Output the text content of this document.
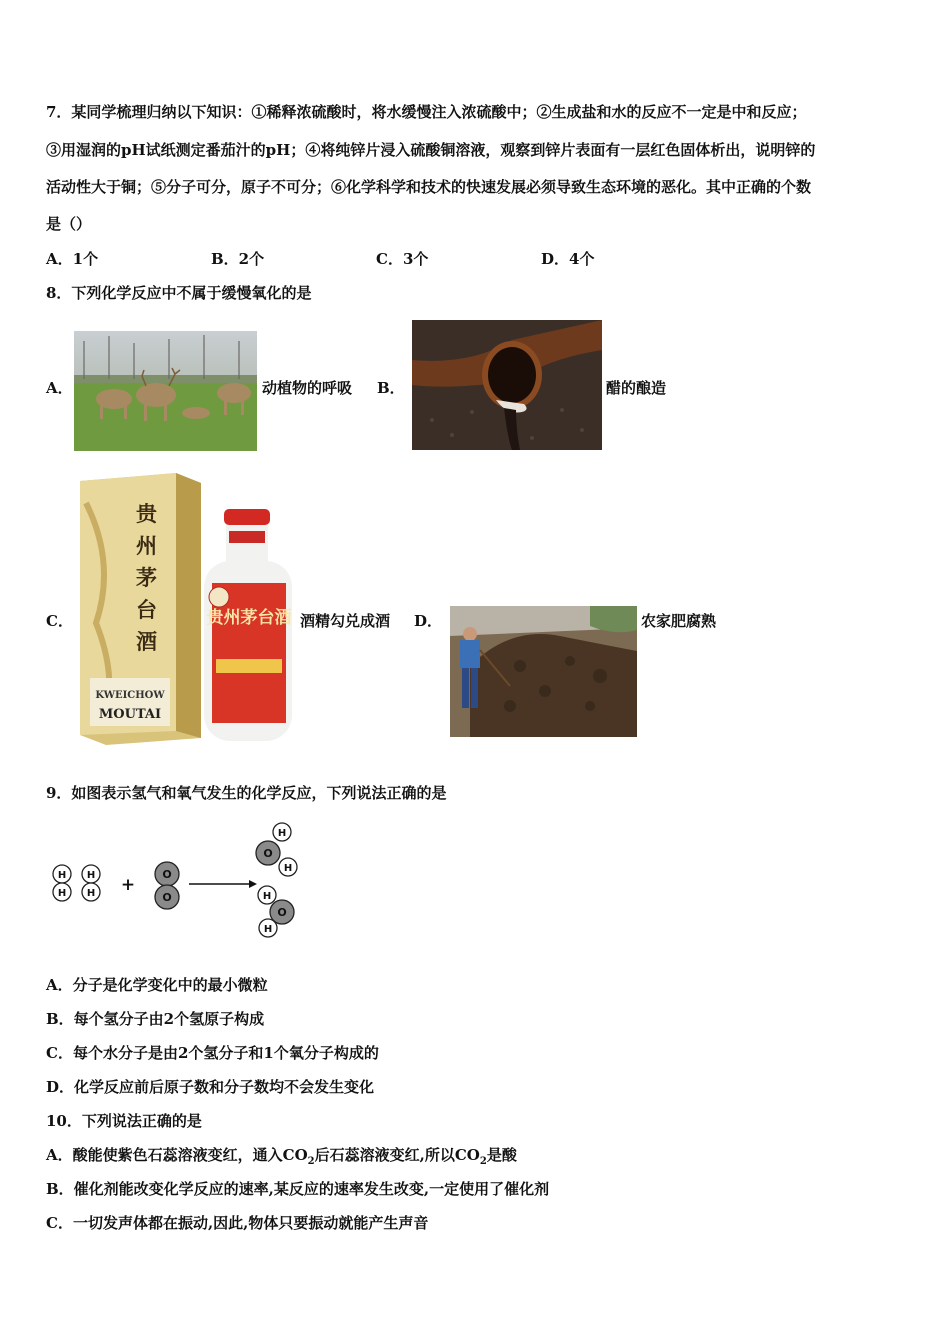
7．某同学梳理归纳以下知识：①稀释浓硫酸时，将水缓慢注入浓硫酸中；②生成盐和水的反应不一定是中和反应；
③用湿润的pH试纸测定番茄汁的pH；④将纯锌片浸入硫酸铜溶液，观察到锌片表面有一层红色固体析出，说明锌的
活动性大于铜；⑤分子可分，原子不可分；⑥化学科学和技术的快速发展必须导致生态环境的恶化。其中正确的个数
是（）
A．1个	B．2个	C．3个	D．4个
8．下列化学反应中不属于缓慢氧化的是
A．	动植物的呼吸 B．	醋的酿造
C．
KWEICHOW
MOUTAI
贵州茅台酒
贵州茅台酒 酒精勾兑成酒 D．	农家肥腐熟
9．如图表示氢气和氧气发生的化学反应，下列说法正确的是
H
H
H
H
O
O
H
O
H
H
O
H
+
A．分子是化学变化中的最小微粒
B．每个氢分子由2个氢原子构成
C．每个水分子是由2个氢分子和1个氧分子构成的
D．化学反应前后原子数和分子数均不会发生变化
10．下列说法正确的是
A．酸能使紫色石蕊溶液变红，通入$CO_2$后石蕊溶液变红,所以$CO_2$是酸
B．催化剂能改变化学反应的速率,某反应的速率发生改变,一定使用了催化剂
C．一切发声体都在振动,因此,物体只要振动就能产生声音
